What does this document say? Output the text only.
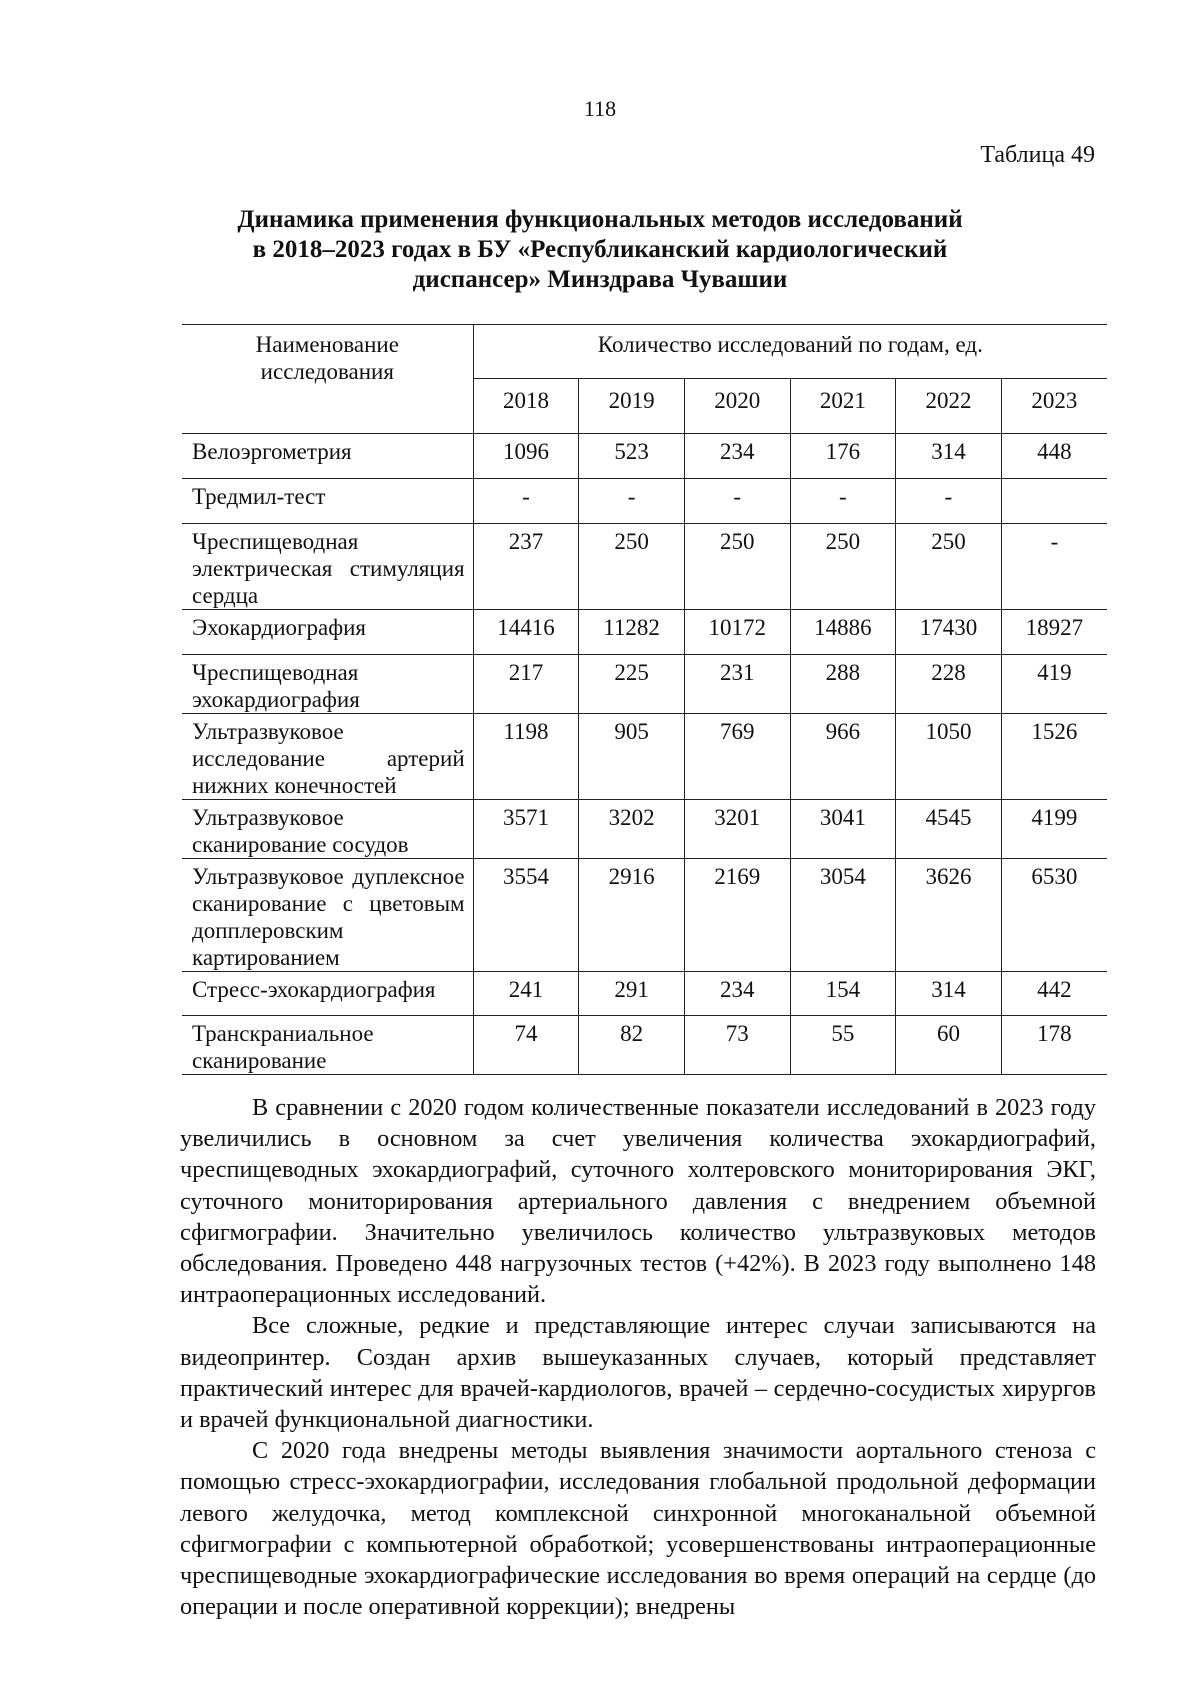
118
Таблица 49
Динамика применения функциональных методов исследований
в 2018–2023 годах в БУ «Республиканский кардиологический
диспансер» Минздрава Чувашии
Наименование исследования	Количество исследований по годам, ед.					
	2018	2019	2020	2021	2022	2023
Велоэргометрия	1096	523	234	176	314	448
Тредмил-тест	-	-	-	-	-	
Чреспищеводная электрическая стимуляция сердца	237	250	250	250	250	-
Эхокардиография	14416	11282	10172	14886	17430	18927
Чреспищеводная эхокардиография	217	225	231	288	228	419
Ультразвуковое исследование артерий нижних конечностей	1198	905	769	966	1050	1526
Ультразвуковое сканирование сосудов	3571	3202	3201	3041	4545	4199
Ультразвуковое дуплексное сканирование с цветовым допплеровским картированием	3554	2916	2169	3054	3626	6530
Стресс-эхокардиография	241	291	234	154	314	442
Транскраниальное сканирование	74	82	73	55	60	178

В сравнении с 2020 годом количественные показатели исследований в 2023 году увеличились в основном за счет увеличения количества эхокардиографий, чреспищеводных эхокардиографий, суточного холтеровского мониторирования ЭКГ, суточного мониторирования артериального давления с внедрением объемной сфигмографии. Значительно увеличилось количество ультразвуковых методов обследования. Проведено 448 нагрузочных тестов (+42%). В 2023 году выполнено 148 интраоперационных исследований.

Все сложные, редкие и представляющие интерес случаи записываются на видеопринтер. Создан архив вышеуказанных случаев, который представляет практический интерес для врачей-кардиологов, врачей – сердечно-сосудистых хирургов и врачей функциональной диагностики.

С 2020 года внедрены методы выявления значимости аортального стеноза с помощью стресс-эхокардиографии, исследования глобальной продольной деформации левого желудочка, метод комплексной синхронной многоканальной объемной сфигмографии с компьютерной обработкой; усовершенствованы интраоперационные чреспищеводные эхокардиографические исследования во время операций на сердце (до операции и после оперативной коррекции); внедрены
